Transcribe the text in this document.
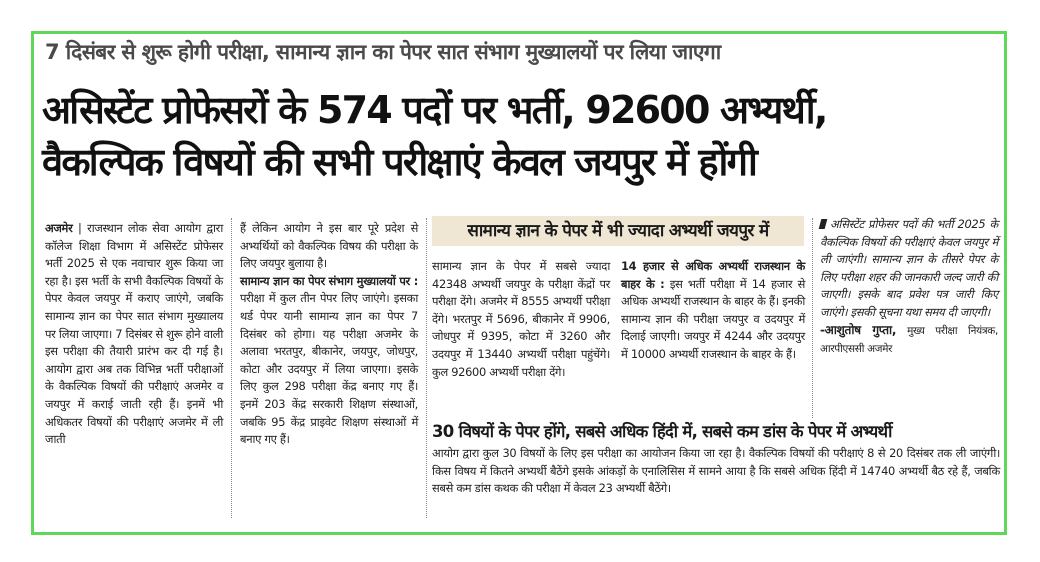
7 दिसंबर से शुरू होगी परीक्षा, सामान्य ज्ञान का पेपर सात संभाग मुख्यालयों पर लिया जाएगा
असिस्टेंट प्रोफेसरों के 574 पदों पर भर्ती, 92600 अभ्यर्थी,
वैकल्पिक विषयों की सभी परीक्षाएं केवल जयपुर में होंगी
अजमेर | राजस्थान लोक सेवा आयोग द्वारा कॉलेज शिक्षा विभाग में असिस्टेंट प्रोफेसर भर्ती 2025 से एक नवाचार शुरू किया जा रहा है। इस भर्ती के सभी वैकल्पिक विषयों के पेपर केवल जयपुर में कराए जाएंगे, जबकि सामान्य ज्ञान का पेपर सात संभाग मुख्यालय पर लिया जाएगा। 7 दिसंबर से शुरू होने वाली इस परीक्षा की तैयारी प्रारंभ कर दी गई है। आयोग द्वारा अब तक विभिन्न भर्ती परीक्षाओं के वैकल्पिक विषयों की परीक्षाएं अजमेर व जयपुर में कराई जाती रही हैं। इनमें भी अधिकतर विषयों की परीक्षाएं अजमेर में ली जाती
हैं लेकिन आयोग ने इस बार पूरे प्रदेश से अभ्यर्थियों को वैकल्पिक विषय की परीक्षा के लिए जयपुर बुलाया है।
सामान्य ज्ञान का पेपर संभाग मुख्यालयों पर : परीक्षा में कुल तीन पेपर लिए जाएंगे। इसका थर्ड पेपर यानी सामान्य ज्ञान का पेपर 7 दिसंबर को होगा। यह परीक्षा अजमेर के अलावा भरतपुर, बीकानेर, जयपुर, जोधपुर, कोटा और उदयपुर में लिया जाएगा। इसके लिए कुल 298 परीक्षा केंद्र बनाए गए हैं। इनमें 203 केंद्र सरकारी शिक्षण संस्थाओं, जबकि 95 केंद्र प्राइवेट शिक्षण संस्थाओं में बनाए गए हैं।
सामान्य ज्ञान के पेपर में भी ज्यादा अभ्यर्थी जयपुर में
सामान्य ज्ञान के पेपर में सबसे ज्यादा 42348 अभ्यर्थी जयपुर के परीक्षा केंद्रों पर परीक्षा देंगे। अजमेर में 8555 अभ्यर्थी परीक्षा देंगे। भरतपुर में 5696, बीकानेर में 9906, जोधपुर में 9395, कोटा में 3260 और उदयपुर में 13440 अभ्यर्थी परीक्षा पहुंचेंगे। कुल 92600 अभ्यर्थी परीक्षा देंगे।
14 हजार से अधिक अभ्यर्थी राजस्थान के बाहर के : इस भर्ती परीक्षा में 14 हजार से अधिक अभ्यर्थी राजस्थान के बाहर के हैं। इनकी सामान्य ज्ञान की परीक्षा जयपुर व उदयपुर में दिलाई जाएगी। जयपुर में 4244 और उदयपुर में 10000 अभ्यर्थी राजस्थान के बाहर के हैं।
असिस्टेंट प्रोफेसर पदों की भर्ती 2025 के वैकल्पिक विषयों की परीक्षाएं केवल जयपुर में ली जाएंगी। सामान्य ज्ञान के तीसरे पेपर के लिए परीक्षा शहर की जानकारी जल्द जारी की जाएगी। इसके बाद प्रवेश पत्र जारी किए जाएंगे। इसकी सूचना यथा समय दी जाएगी।
-आशुतोष गुप्ता, मुख्य परीक्षा नियंत्रक, आरपीएससी अजमेर
30 विषयों के पेपर होंगे, सबसे अधिक हिंदी में, सबसे कम डांस के पेपर में अभ्यर्थी
आयोग द्वारा कुल 30 विषयों के लिए इस परीक्षा का आयोजन किया जा रहा है। वैकल्पिक विषयों की परीक्षाएं 8 से 20 दिसंबर तक ली जाएंगी। किस विषय में कितने अभ्यर्थी बैठेंगे इसके आंकड़ों के एनालिसिस में सामने आया है कि सबसे अधिक हिंदी में 14740 अभ्यर्थी बैठ रहे हैं, जबकि सबसे कम डांस कथक की परीक्षा में केवल 23 अभ्यर्थी बैठेंगे।
